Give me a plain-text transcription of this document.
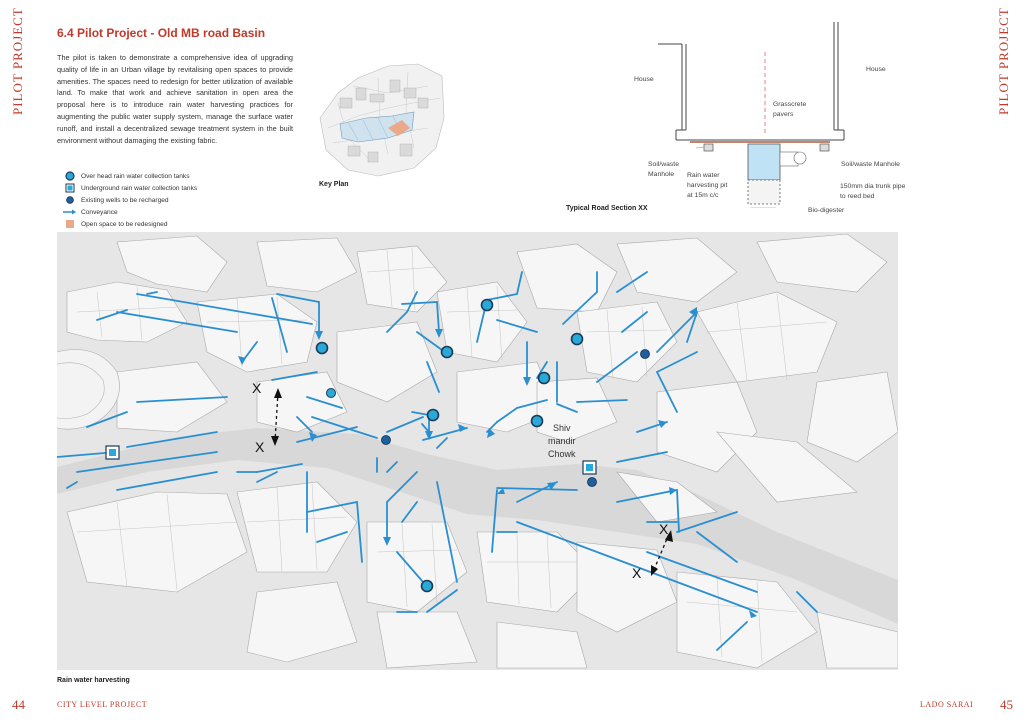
PILOT PROJECT	PILOT PROJECT
6.4 Pilot Project - Old MB road Basin
The pilot is taken to demonstrate a comprehensive idea of upgrading quality of life in an Urban village by revitalising open spaces to provide amenities. The spaces need to redesign for better utilization of available land. To make that work and achieve sanitation in open area the proposal here is to introduce rain water harvesting practices for augmenting the public water supply system, manage the surface water runoff, and install a decentralized sewage treatment system in the built environment without damaging the existing fabric.
Over head rain water collection tanks
Underground rain water collection tanks
Existing wells to be recharged
Conveyance
Open space to be redesigned
Key Plan
House
House
Grasscrete
pavers
Soil/waste
Manhole	Rain water
harvesting pit
at 15m c/c
Soil/waste Manhole
150mm dia trunk pipe
to reed bed
Bio-digester
Typical Road Section XX
X
X
X
X
Shiv
mandir
Chowk
Rain water harvesting
44	CITY LEVEL PROJECT	LADO SARAI 45
